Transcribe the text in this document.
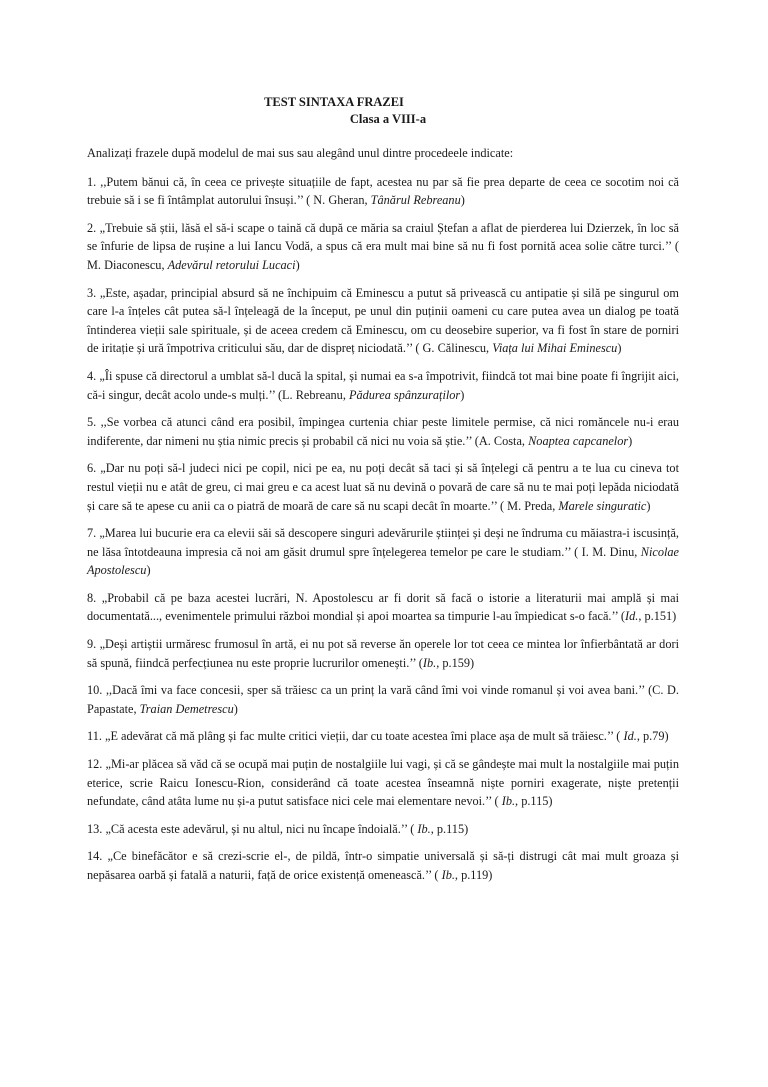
TEST SINTAXA FRAZEI
Clasa a VIII-a

Analizați frazele după modelul de mai sus sau alegând unul dintre procedeele indicate:

1. ,,Putem bănui că, în ceea ce privește situațiile de fapt, acestea nu par să fie prea departe de ceea ce socotim noi că trebuie să i se fi întâmplat autorului însuși.’’ ( N. Gheran, Tânărul Rebreanu)

2. „Trebuie să știi, lăsă el să-i scape o taină că după ce măria sa craiul Ștefan a aflat de pierderea lui Dzierzek, în loc să se înfurie de lipsa de rușine a lui Iancu Vodă, a spus că era mult mai bine să nu fi fost pornită acea solie către turci.’’ ( M. Diaconescu, Adevărul retorului Lucaci)

3. „Este, așadar, principial absurd să ne închipuim că Eminescu a putut să privească cu antipatie și silă pe singurul om care l-a înțeles cât putea să-l înțeleagă de la început, pe unul din puținii oameni cu care putea avea un dialog pe toată întinderea vieții sale spirituale, și de aceea credem că Eminescu, om cu deosebire superior, va fi fost în stare de porniri de iritație și ură împotriva criticului său, dar de dispreț niciodată.’’ ( G. Călinescu, Viața lui Mihai Eminescu)

4. „Îi spuse că directorul a umblat să-l ducă la spital, și numai ea s-a împotrivit, fiindcă tot mai bine poate fi îngrijit aici, că-i singur, decât acolo unde-s mulți.’’ (L. Rebreanu, Pădurea spânzuraților)

5. ,,Se vorbea că atunci când era posibil, împingea curtenia chiar peste limitele permise, că nici romăncele nu-i erau indiferente, dar nimeni nu știa nimic precis și probabil că nici nu voia să știe.’’ (A. Costa, Noaptea capcanelor)

6. „Dar nu poți să-l judeci nici pe copil, nici pe ea, nu poți decât să taci și să înțelegi că pentru a te lua cu cineva tot restul vieții nu e atât de greu, ci mai greu e ca acest luat să nu devină o povară de care să nu te mai poți lepăda niciodată și care să te apese cu anii ca o piatră de moară de care să nu scapi decât în moarte.’’ ( M. Preda, Marele singuratic)

7. „Marea lui bucurie era ca elevii săi să descopere singuri adevărurile științei și deși ne îndruma cu măiastra-i iscusință, ne lăsa întotdeauna impresia că noi am găsit drumul spre înțelegerea temelor pe care le studiam.’’ ( I. M. Dinu, Nicolae Apostolescu)

8. „Probabil că pe baza acestei lucrări, N. Apostolescu ar fi dorit să facă o istorie a literaturii mai amplă și mai documentată..., evenimentele primului război mondial și apoi moartea sa timpurie l-au împiedicat s-o facă.’’ (Id., p.151)

9. „Deși artiștii urmăresc frumosul în artă, ei nu pot să reverse ăn operele lor tot ceea ce mintea lor înfierbântată ar dori să spună, fiindcă perfecțiunea nu este proprie lucrurilor omenești.’’ (Ib., p.159)

10. ,,Dacă îmi va face concesii, sper să trăiesc ca un prinț la vară când îmi voi vinde romanul și voi avea bani.’’ (C. D. Papastate, Traian Demetrescu)

11. „E adevărat că mă plâng și fac multe critici vieții, dar cu toate acestea îmi place așa de mult să trăiesc.’’ ( Id., p.79)

12. „Mi-ar plăcea să văd că se ocupă mai puțin de nostalgiile lui vagi, și că se gândește mai mult la nostalgiile mai puțin eterice, scrie Raicu Ionescu-Rion, considerând că toate acestea înseamnă niște porniri exagerate, niște pretenții nefundate, când atâta lume nu și-a putut satisface nici cele mai elementare nevoi.’’ ( Ib., p.115)

13. „Că acesta este adevărul, și nu altul, nici nu încape îndoială.’’ ( Ib., p.115)

14. „Ce binefăcător e să crezi-scrie el-, de pildă, într-o simpatie universală și să-ți distrugi cât mai mult groaza și nepăsarea oarbă și fatală a naturii, față de orice existență omenească.’’ ( Ib., p.119)
